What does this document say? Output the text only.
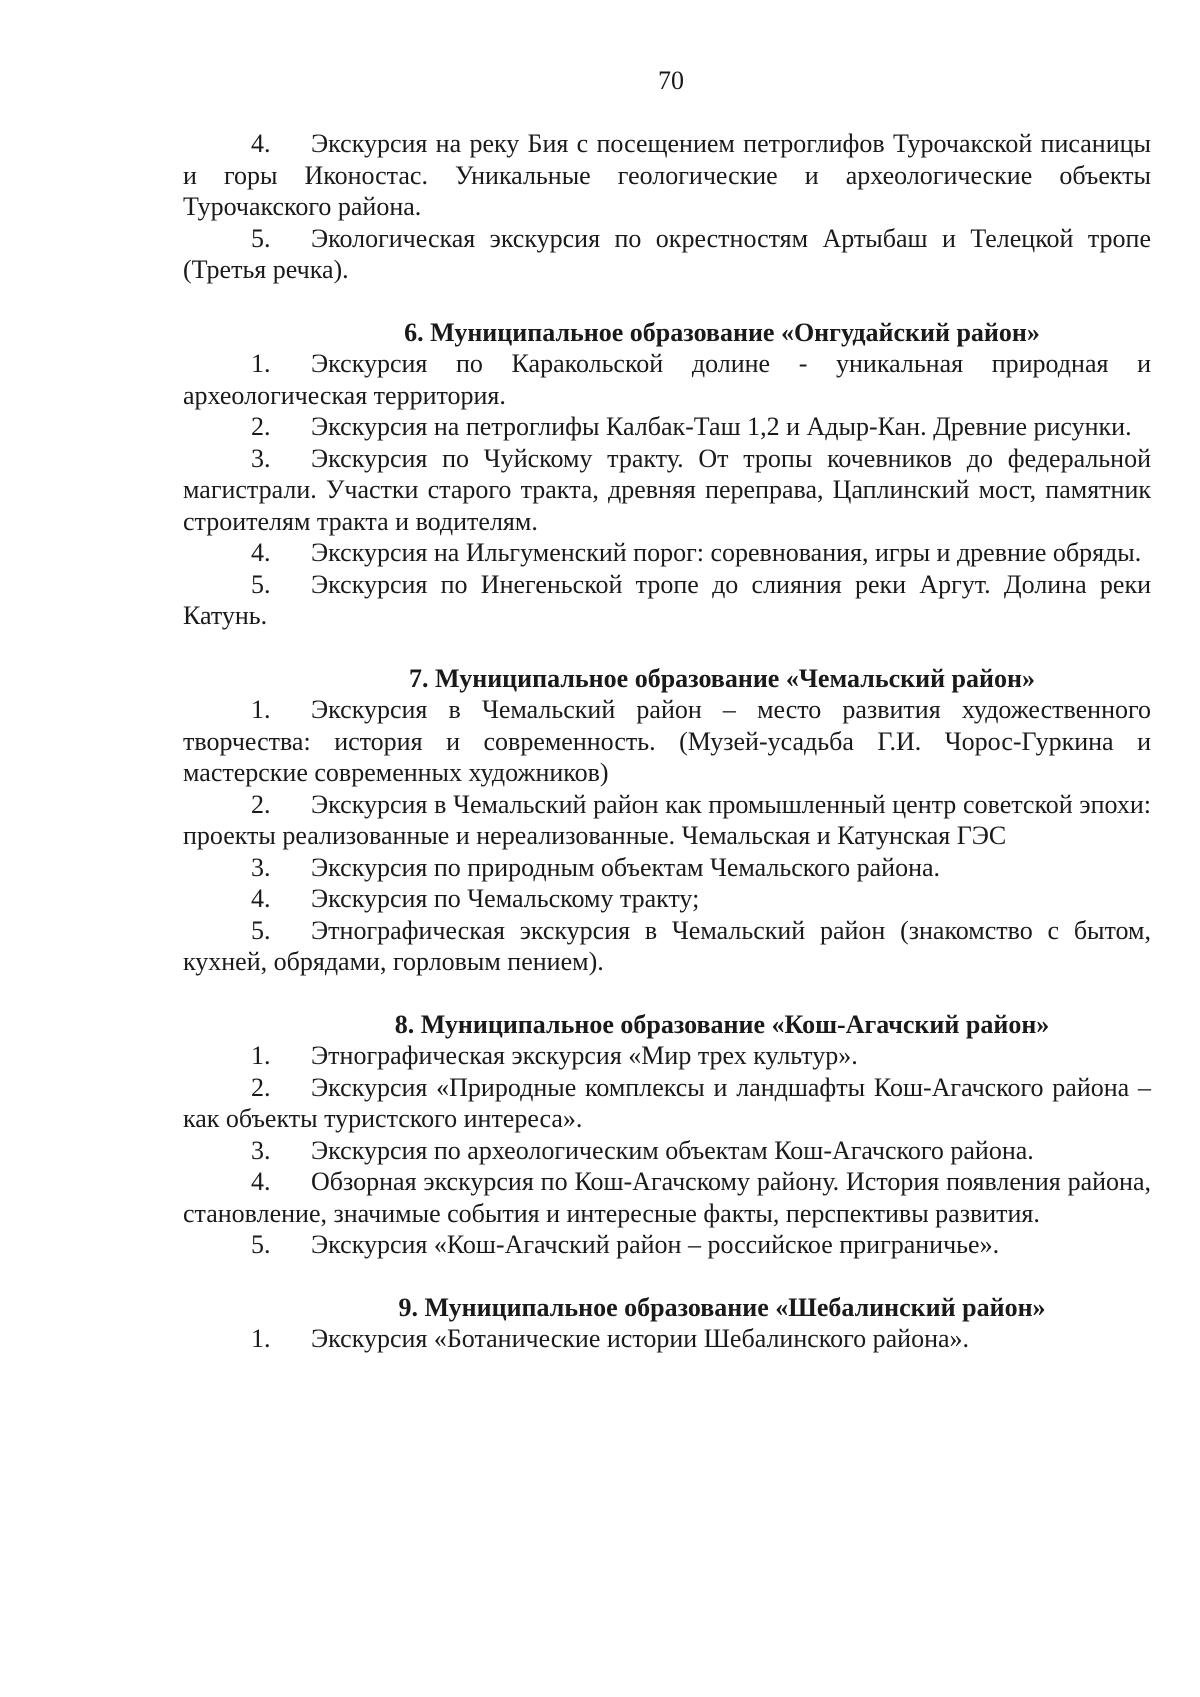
70

4. Экскурсия на реку Бия с посещением петроглифов Турочакской писаницы и горы Иконостас. Уникальные геологические и археологические объекты Турочакского района.

5. Экологическая экскурсия по окрестностям Артыбаш и Телецкой тропе (Третья речка).

6. Муниципальное образование «Онгудайский район»

1. Экскурсия по Каракольской долине - уникальная природная и археологическая территория.

2. Экскурсия на петроглифы Калбак-Таш 1,2 и Адыр-Кан. Древние рисунки.

3. Экскурсия по Чуйскому тракту. От тропы кочевников до федеральной магистрали. Участки старого тракта, древняя переправа, Цаплинский мост, памятник строителям тракта и водителям.

4. Экскурсия на Ильгуменский порог: соревнования, игры и древние обряды.

5. Экскурсия по Инегеньской тропе до слияния реки Аргут. Долина реки Катунь.

7. Муниципальное образование «Чемальский район»

1. Экскурсия в Чемальский район – место развития художественного творчества: история и современность. (Музей-усадьба Г.И. Чорос-Гуркина и мастерские современных художников)

2. Экскурсия в Чемальский район как промышленный центр советской эпохи: проекты реализованные и нереализованные. Чемальская и Катунская ГЭС

3. Экскурсия по природным объектам Чемальского района.

4. Экскурсия по Чемальскому тракту;

5. Этнографическая экскурсия в Чемальский район (знакомство с бытом, кухней, обрядами, горловым пением).

8. Муниципальное образование «Кош-Агачский район»

1. Этнографическая экскурсия «Мир трех культур».

2. Экскурсия «Природные комплексы и ландшафты Кош-Агачского района – как объекты туристского интереса».

3. Экскурсия по археологическим объектам Кош-Агачского района.

4. Обзорная экскурсия по Кош-Агачскому району. История появления района, становление, значимые события и интересные факты, перспективы развития.

5. Экскурсия «Кош-Агачский район – российское приграничье».

9. Муниципальное образование «Шебалинский район»

1. Экскурсия «Ботанические истории Шебалинского района».
